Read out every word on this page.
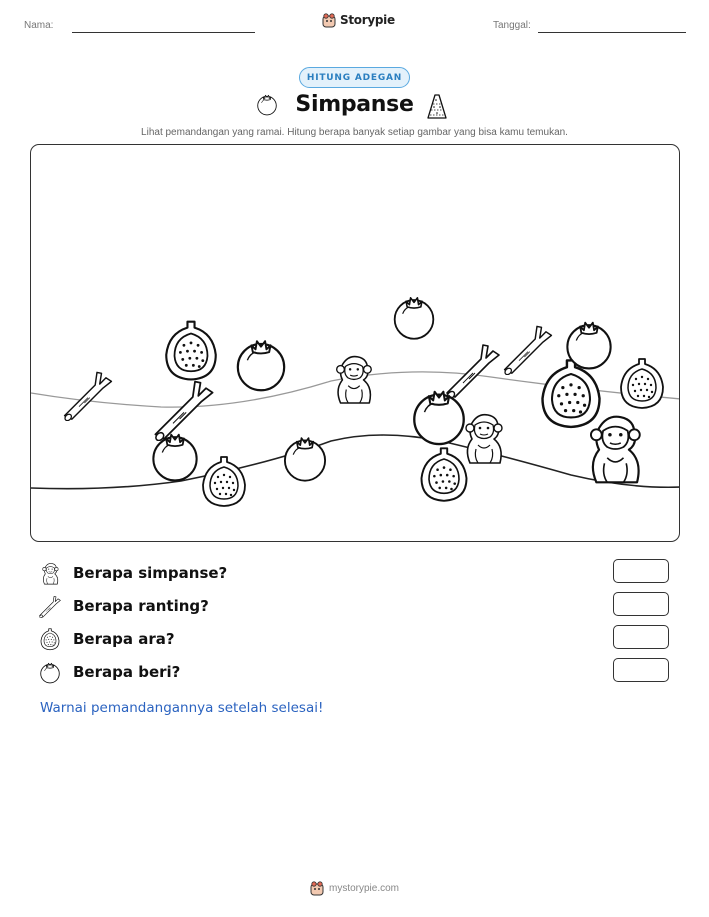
Nama:	Storypie	Tanggal:
HITUNG ADEGAN
Simpanse
Lihat pemandangan yang ramai. Hitung berapa banyak setiap gambar yang bisa kamu temukan.
Berapa simpanse?
Berapa ranting?
Berapa ara?
Berapa beri?
Warnai pemandangannya setelah selesai!
mystorypie.com
